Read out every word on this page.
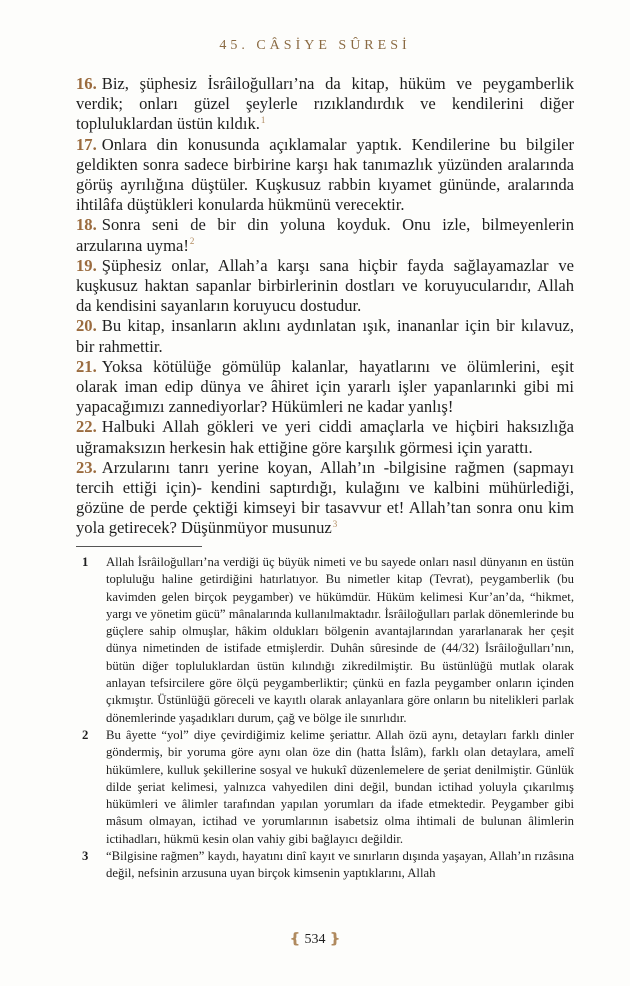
45. CÂSİYE SÛRESİ

16. Biz, şüphesiz İsrâiloğulları’na da kitap, hüküm ve peygamberlik verdik; onları güzel şeylerle rızıklandırdık ve kendilerini diğer topluluklardan üstün kıldık.$^1$

17. Onlara din konusunda açıklamalar yaptık. Kendilerine bu bilgiler geldikten sonra sadece birbirine karşı hak tanımazlık yüzünden aralarında görüş ayrılığına düştüler. Kuşkusuz rabbin kıyamet gününde, aralarında ihtilâfa düştükleri konularda hükmünü verecektir.

18. Sonra seni de bir din yoluna koyduk. Onu izle, bilmeyenlerin arzularına uyma!$^2$

19. Şüphesiz onlar, Allah’a karşı sana hiçbir fayda sağlayamazlar ve kuşkusuz haktan sapanlar birbirlerinin dostları ve koruyucularıdır, Allah da kendisini sayanların koruyucu dostudur.

20. Bu kitap, insanların aklını aydınlatan ışık, inananlar için bir kılavuz, bir rahmettir.

21. Yoksa kötülüğe gömülüp kalanlar, hayatlarını ve ölümlerini, eşit olarak iman edip dünya ve âhiret için yararlı işler yapanlarınki gibi mi yapacağımızı zannediyorlar? Hükümleri ne kadar yanlış!

22. Halbuki Allah gökleri ve yeri ciddi amaçlarla ve hiçbiri haksızlığa uğramaksızın herkesin hak ettiğine göre karşılık görmesi için yarattı.

23. Arzularını tanrı yerine koyan, Allah’ın -bilgisine rağmen (sapmayı tercih ettiği için)- kendini saptırdığı, kulağını ve kalbini mühürlediği, gözüne de perde çektiği kimseyi bir tasavvur et! Allah’tan sonra onu kim yola getirecek? Düşünmüyor musunuz$^3$

1	Allah İsrâiloğulları’na verdiği üç büyük nimeti ve bu sayede onları nasıl dünyanın en üstün topluluğu haline getirdiğini hatırlatıyor. Bu nimetler kitap (Tevrat), peygamberlik (bu kavimden gelen birçok peygamber) ve hükümdür. Hüküm kelimesi Kur’an’da, “hikmet, yargı ve yönetim gücü” mânalarında kullanılmaktadır. İsrâiloğulları parlak dönemlerinde bu güçlere sahip olmuşlar, hâkim oldukları bölgenin avantajlarından yararlanarak her çeşit dünya nimetinden de istifade etmişlerdir. Duhân sûresinde de (44/32) İsrâiloğulları’nın, bütün diğer topluluklardan üstün kılındığı zikredilmiştir. Bu üstünlüğü mutlak olarak anlayan tefsircilere göre ölçü peygamberliktir; çünkü en fazla peygamber onların içinden çıkmıştır. Üstünlüğü göreceli ve kayıtlı olarak anlayanlara göre onların bu nitelikleri parlak dönemlerinde yaşadıkları durum, çağ ve bölge ile sınırlıdır.

2	Bu âyette “yol” diye çevirdiğimiz kelime şeriattır. Allah özü aynı, detayları farklı dinler göndermiş, bir yoruma göre aynı olan öze din (hatta İslâm), farklı olan detaylara, amelî hükümlere, kulluk şekillerine sosyal ve hukukî düzenlemelere de şeriat denilmiştir. Günlük dilde şeriat kelimesi, yalnızca vahyedilen dini değil, bundan ictihad yoluyla çıkarılmış hükümleri ve âlimler tarafından yapılan yorumları da ifade etmektedir. Peygamber gibi mâsum olmayan, ictihad ve yorumlarının isabetsiz olma ihtimali de bulunan âlimlerin ictihadları, hükmü kesin olan vahiy gibi bağlayıcı değildir.

3	“Bilgisine rağmen” kaydı, hayatını dinî kayıt ve sınırların dışında yaşayan, Allah’ın rızâsına değil, nefsinin arzusuna uyan birçok kimsenin yaptıklarını, Allah

❴ 534 ❵
